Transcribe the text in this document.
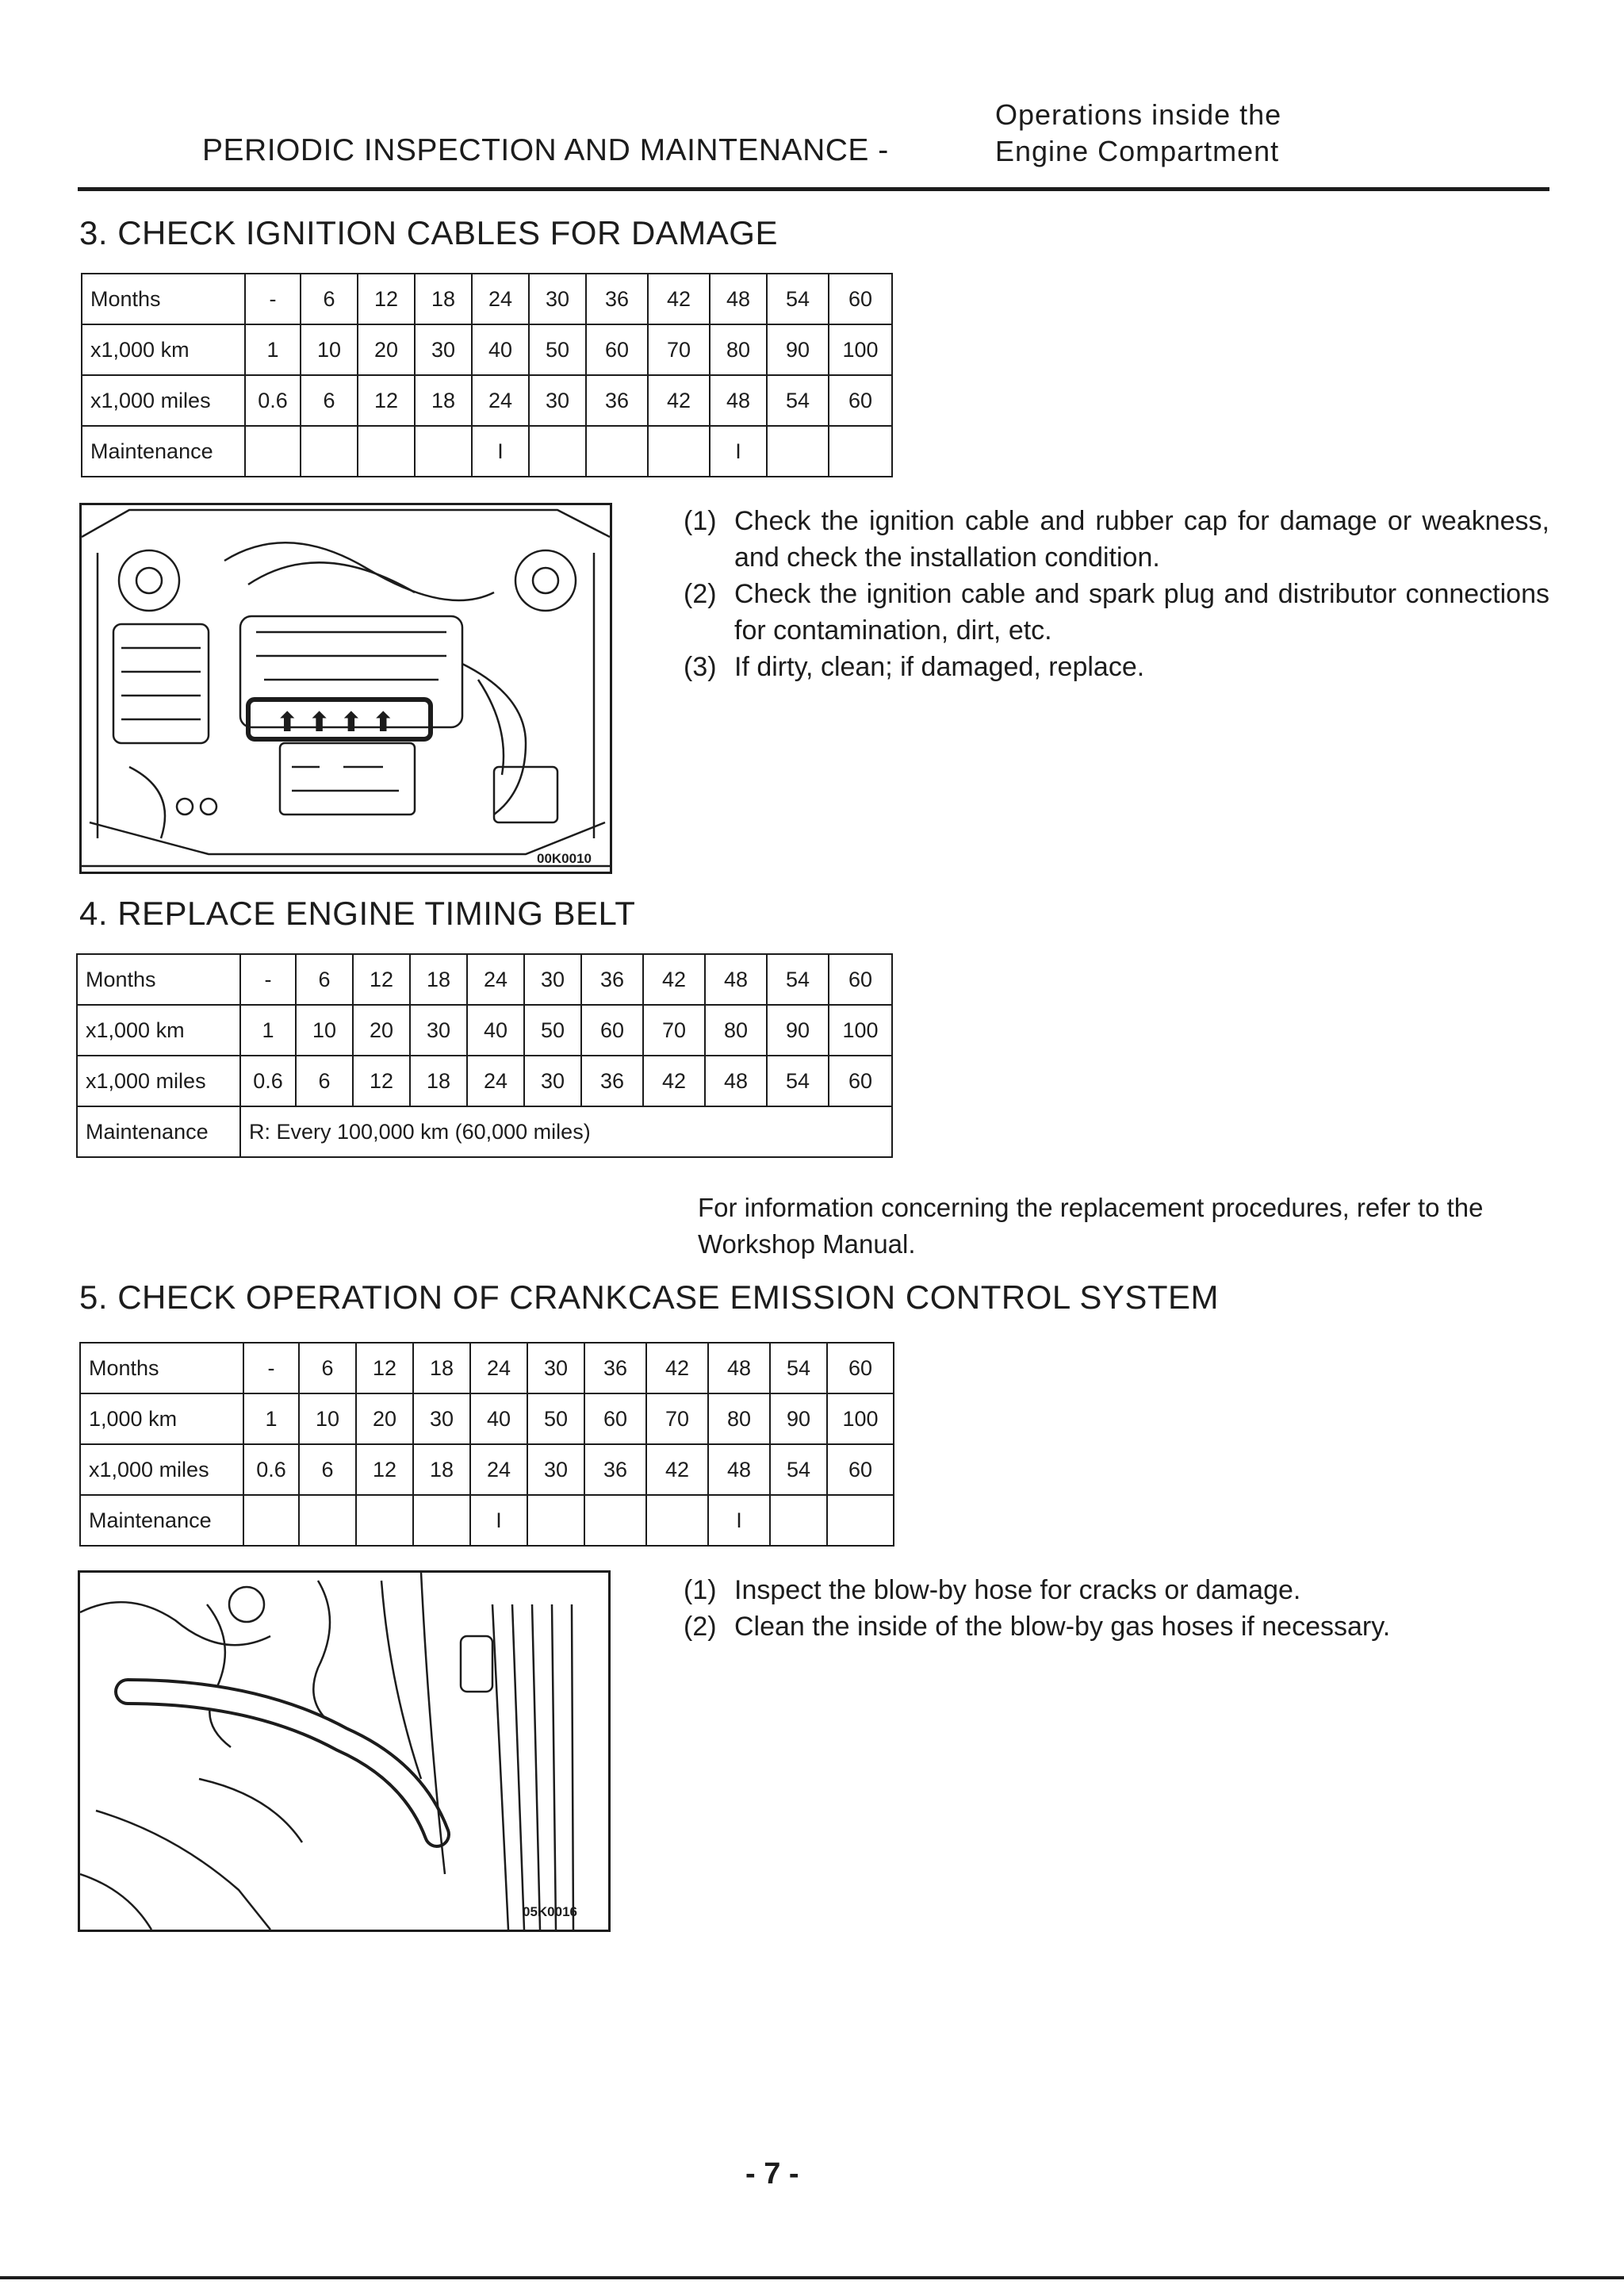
Operations inside the
Engine Compartment
PERIODIC INSPECTION AND MAINTENANCE -
3. CHECK IGNITION CABLES FOR DAMAGE
Months	-	6	12	18	24	30	36	42	48	54	60
x1,000 km	1	10	20	30	40	50	60	70	80	90	100
x1,000 miles	0.6	6	12	18	24	30	36	42	48	54	60
Maintenance					I				I		
⬆ ⬆ ⬆ ⬆
00K0010
(1) Check the ignition cable and rubber cap for damage or weakness, and check the installation condition.
(2) Check the ignition cable and spark plug and distributor connections for contamination, dirt, etc.
(3) If dirty, clean; if damaged, replace.
4. REPLACE ENGINE TIMING BELT
Months	-	6	12	18	24	30	36	42	48	54	60
x1,000 km	1	10	20	30	40	50	60	70	80	90	100
x1,000 miles	0.6	6	12	18	24	30	36	42	48	54	60
Maintenance	R: Every 100,000 km (60,000 miles)										
For information concerning the replacement procedures, refer to the Workshop Manual.
5. CHECK OPERATION OF CRANKCASE EMISSION CONTROL SYSTEM
Months	-	6	12	18	24	30	36	42	48	54	60
1,000 km	1	10	20	30	40	50	60	70	80	90	100
x1,000 miles	0.6	6	12	18	24	30	36	42	48	54	60
Maintenance					I				I		
05K0016
(1) Inspect the blow-by hose for cracks or damage.
(2) Clean the inside of the blow-by gas hoses if necessary.
- 7 -
